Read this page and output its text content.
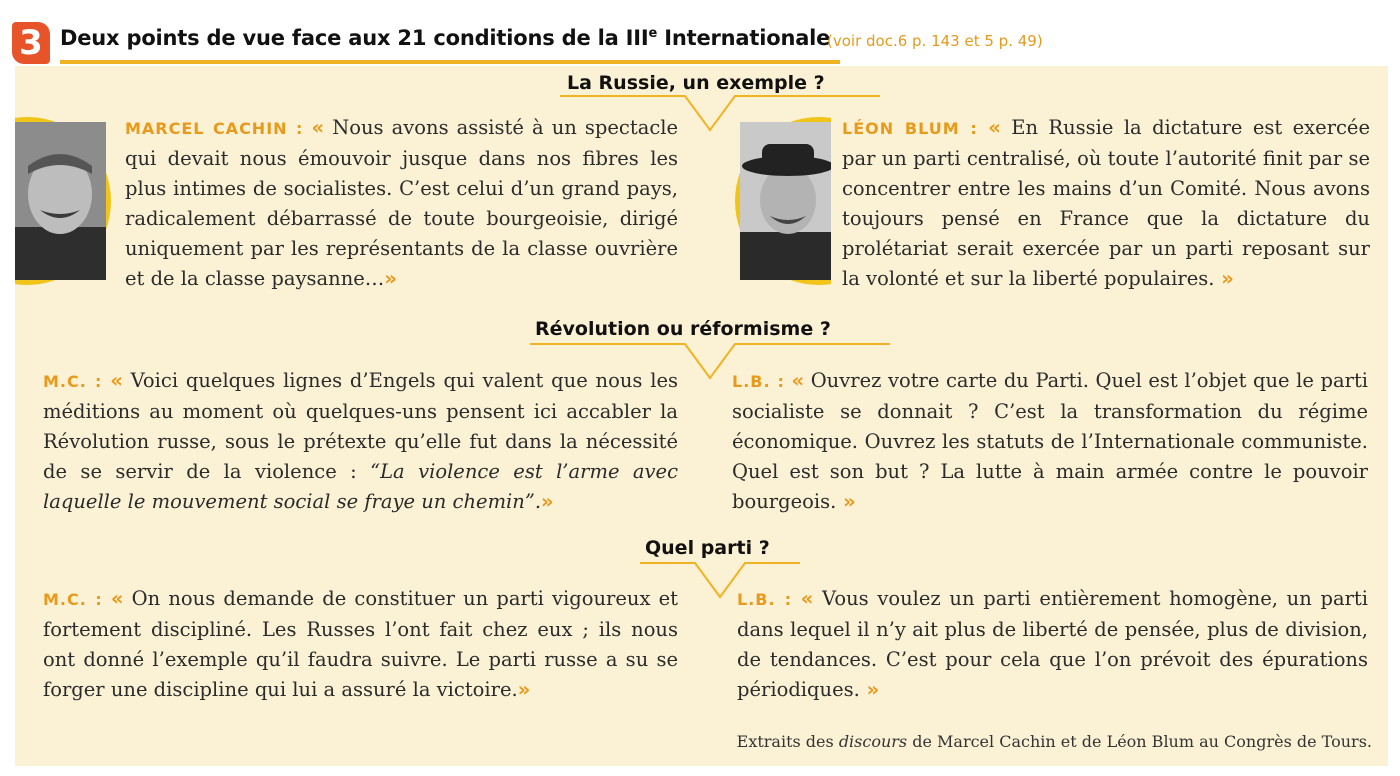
3 Deux points de vue face aux 21 conditions de la IIIe Internationale
(voir doc.6 p. 143 et 5 p. 49)
La Russie, un exemple ?
MARCEL CACHIN : « Nous avons assisté à un spectacle qui devait nous émouvoir jusque dans nos fibres les plus intimes de socialistes. C’est celui d’un grand pays, radicalement débarrassé de toute bourgeoisie, dirigé uniquement par les représentants de la classe ouvrière et de la classe paysanne…»
LÉON BLUM : « En Russie la dictature est exercée par un parti centralisé, où toute l’autorité finit par se concentrer entre les mains d’un Comité. Nous avons toujours pensé en France que la dictature du prolétariat serait exercée par un parti reposant sur la volonté et sur la liberté populaires. »
Révolution ou réformisme ?
M.C. : « Voici quelques lignes d’Engels qui valent que nous les méditions au moment où quelques-uns pensent ici accabler la Révolution russe, sous le prétexte qu’elle fut dans la nécessité de se servir de la violence : “La violence est l’arme avec laquelle le mouvement social se fraye un chemin”.»
L.B. : « Ouvrez votre carte du Parti. Quel est l’objet que le parti socialiste se donnait ? C’est la transformation du régime économique. Ouvrez les statuts de l’Internationale communiste. Quel est son but ? La lutte à main armée contre le pouvoir bourgeois. »
Quel parti ?
M.C. : « On nous demande de constituer un parti vigoureux et fortement discipliné. Les Russes l’ont fait chez eux ; ils nous ont donné l’exemple qu’il faudra suivre. Le parti russe a su se forger une discipline qui lui a assuré la victoire.»
L.B. : « Vous voulez un parti entièrement homogène, un parti dans lequel il n’y ait plus de liberté de pensée, plus de division, de tendances. C’est pour cela que l’on prévoit des épurations périodiques. »
Extraits des discours de Marcel Cachin et de Léon Blum au Congrès de Tours.
